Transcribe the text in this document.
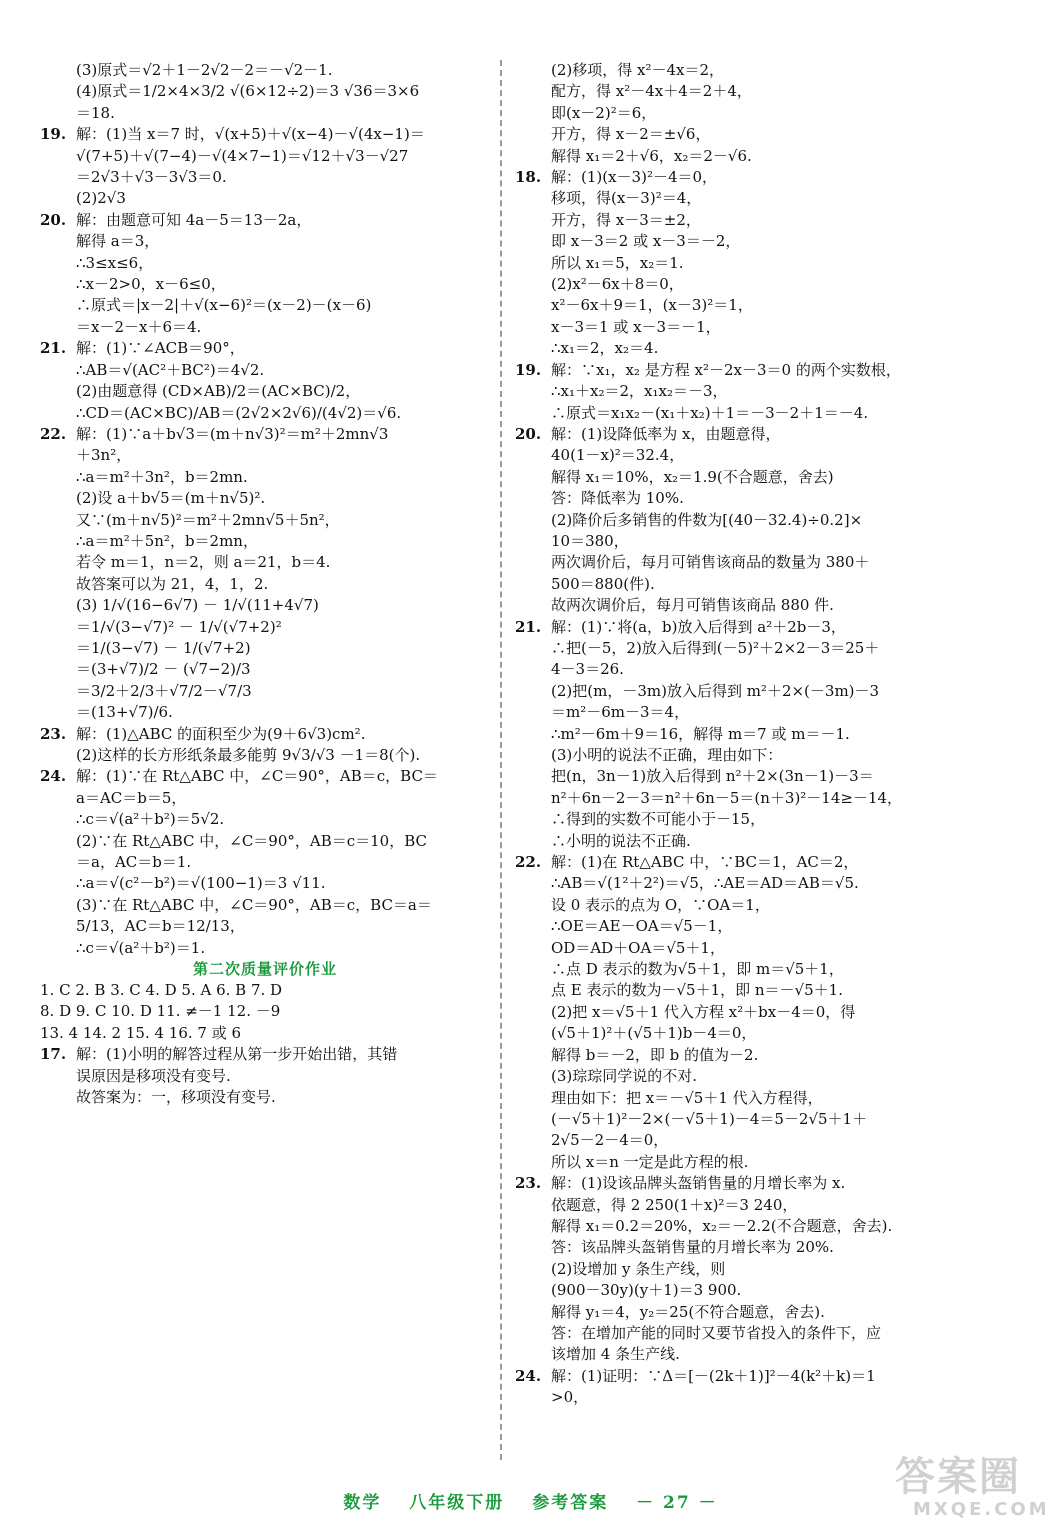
(3)原式＝√2＋1－2√2－2＝－√2－1.
(4)原式＝1/2×4×3/2 √(6×12÷2)＝3 √36＝3×6
＝18.
19. 解：(1)当 x＝7 时，√(x+5)＋√(x−4)－√(4x−1)＝
√(7+5)＋√(7−4)－√(4×7−1)＝√12＋√3－√27
＝2√3＋√3－3√3＝0.
(2)2√3
20. 解：由题意可知 4a－5＝13－2a，
解得 a＝3，
∴3≤x≤6，
∴x－2>0，x－6≤0，
∴原式＝|x－2|＋√(x−6)²＝(x－2)－(x－6)
＝x－2－x＋6＝4.
21. 解：(1)∵∠ACB＝90°，
∴AB＝√(AC²＋BC²)＝4√2.
(2)由题意得 (CD×AB)/2＝(AC×BC)/2，
∴CD＝(AC×BC)/AB＝(2√2×2√6)/(4√2)＝√6.
22. 解：(1)∵a＋b√3＝(m＋n√3)²＝m²＋2mn√3
＋3n²，
∴a＝m²＋3n²，b＝2mn.
(2)设 a＋b√5＝(m＋n√5)².
又∵(m＋n√5)²＝m²＋2mn√5＋5n²，
∴a＝m²＋5n²，b＝2mn，
若令 m＝1，n＝2，则 a＝21，b＝4.
故答案可以为 21，4，1，2.
(3) 1/√(16−6√7) － 1/√(11+4√7)
＝1/√(3−√7)² － 1/√(√7+2)²
＝1/(3−√7) － 1/(√7+2)
＝(3+√7)/2 － (√7−2)/3
＝3/2＋2/3＋√7/2－√7/3
＝(13+√7)/6.
23. 解：(1)△ABC 的面积至少为(9＋6√3)cm².
(2)这样的长方形纸条最多能剪 9√3/√3 －1＝8(个).
24. 解：(1)∵在 Rt△ABC 中，∠C＝90°，AB＝c，BC＝
a＝AC＝b＝5，
∴c＝√(a²＋b²)＝5√2.
(2)∵在 Rt△ABC 中，∠C＝90°，AB＝c＝10，BC
＝a，AC＝b＝1.
∴a＝√(c²－b²)＝√(100−1)＝3 √11.
(3)∵在 Rt△ABC 中，∠C＝90°，AB＝c，BC＝a＝
5/13，AC＝b＝12/13，
∴c＝√(a²＋b²)＝1.
第二次质量评价作业
1. C 2. B 3. C 4. D 5. A 6. B 7. D
8. D 9. C 10. D 11. ≠－1 12. －9
13. 4 14. 2 15. 4 16. 7 或 6
17. 解：(1)小明的解答过程从第一步开始出错，其错
误原因是移项没有变号.
故答案为：一，移项没有变号.
(2)移项，得 x²－4x＝2，
配方，得 x²－4x＋4＝2＋4，
即(x－2)²＝6，
开方，得 x－2＝±√6，
解得 x₁＝2＋√6，x₂＝2－√6.
18. 解：(1)(x－3)²－4＝0，
移项，得(x－3)²＝4，
开方，得 x－3＝±2，
即 x－3＝2 或 x－3＝－2，
所以 x₁＝5，x₂＝1.
(2)x²－6x＋8＝0，
x²－6x＋9＝1，(x－3)²＝1，
x－3＝1 或 x－3＝－1，
∴x₁＝2，x₂＝4.
19. 解：∵x₁，x₂ 是方程 x²－2x－3＝0 的两个实数根，
∴x₁＋x₂＝2，x₁x₂＝－3，
∴原式＝x₁x₂－(x₁＋x₂)＋1＝－3－2＋1＝－4.
20. 解：(1)设降低率为 x，由题意得，
40(1－x)²＝32.4，
解得 x₁＝10%，x₂＝1.9(不合题意，舍去)
答：降低率为 10%.
(2)降价后多销售的件数为[(40－32.4)÷0.2]×
10＝380，
两次调价后，每月可销售该商品的数量为 380＋
500＝880(件).
故两次调价后，每月可销售该商品 880 件.
21. 解：(1)∵将(a，b)放入后得到 a²＋2b－3，
∴把(－5，2)放入后得到(－5)²＋2×2－3＝25＋
4－3＝26.
(2)把(m，－3m)放入后得到 m²＋2×(－3m)－3
＝m²－6m－3＝4，
∴m²－6m＋9＝16，解得 m＝7 或 m＝－1.
(3)小明的说法不正确，理由如下：
把(n，3n－1)放入后得到 n²＋2×(3n－1)－3＝
n²＋6n－2－3＝n²＋6n－5＝(n＋3)²－14≥－14，
∴得到的实数不可能小于－15，
∴小明的说法不正确.
22. 解：(1)在 Rt△ABC 中，∵BC＝1，AC＝2，
∴AB＝√(1²＋2²)＝√5，∴AE＝AD＝AB＝√5.
设 0 表示的点为 O，∵OA＝1，
∴OE＝AE－OA＝√5－1，
OD＝AD＋OA＝√5＋1，
∴点 D 表示的数为√5＋1，即 m＝√5＋1，
点 E 表示的数为－√5＋1，即 n＝－√5＋1.
(2)把 x＝√5＋1 代入方程 x²＋bx－4＝0，得
(√5＋1)²＋(√5＋1)b－4＝0，
解得 b＝－2，即 b 的值为－2.
(3)琮琮同学说的不对.
理由如下：把 x＝－√5＋1 代入方程得，
(－√5＋1)²－2×(－√5＋1)－4＝5－2√5＋1＋
2√5－2－4＝0，
所以 x＝n 一定是此方程的根.
23. 解：(1)设该品牌头盔销售量的月增长率为 x.
依题意，得 2 250(1＋x)²＝3 240，
解得 x₁＝0.2＝20%，x₂＝－2.2(不合题意，舍去).
答：该品牌头盔销售量的月增长率为 20%.
(2)设增加 y 条生产线，则
(900－30y)(y＋1)＝3 900.
解得 y₁＝4，y₂＝25(不符合题意，舍去).
答：在增加产能的同时又要节省投入的条件下，应
该增加 4 条生产线.
24. 解：(1)证明：∵Δ＝[－(2k＋1)]²－4(k²＋k)＝1
>0，
数学 八年级下册 参考答案 － 27 －
答案圈
MXQE.COM
